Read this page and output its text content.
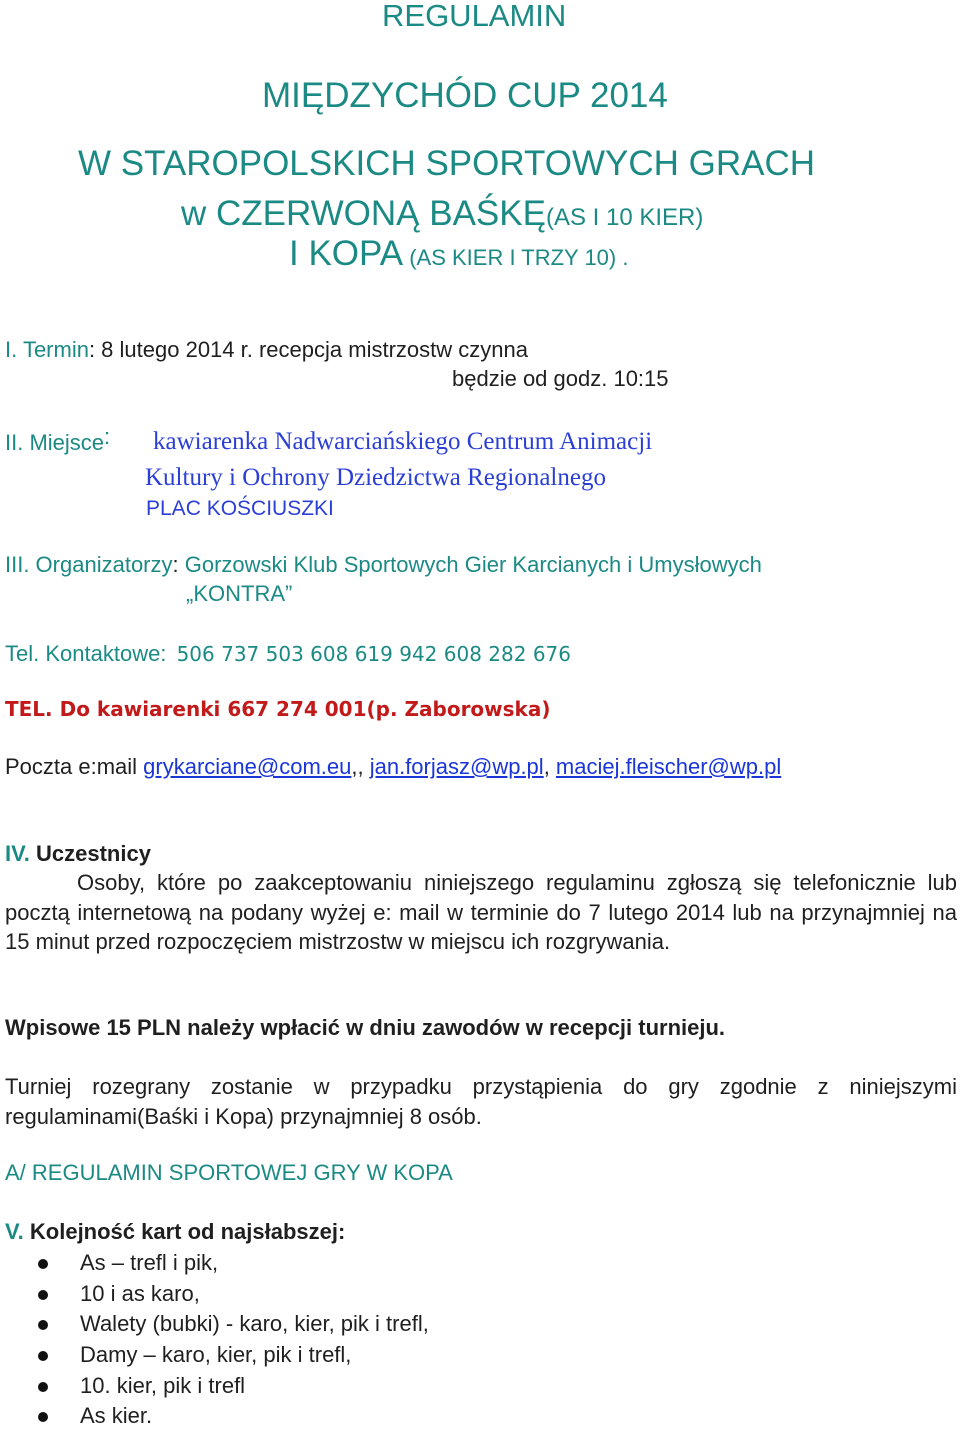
REGULAMIN
MIĘDZYCHÓD CUP 2014
W STAROPOLSKICH SPORTOWYCH GRACH
w CZERWONĄ BAŚKĘ(AS I 10 KIER)
I KOPA (AS KIER I TRZY 10) .
I. Termin: 8 lutego 2014 r. recepcja mistrzostw czynna
będzie od godz. 10:15
II. Miejsce: kawiarenka Nadwarciańskiego Centrum Animacji
Kultury i Ochrony Dziedzictwa Regionalnego
PLAC KOŚCIUSZKI
III. Organizatorzy: Gorzowski Klub Sportowych Gier Karcianych i Umysłowych
„KONTRA”
Tel. Kontaktowe: 506 737 503 608 619 942 608 282 676
TEL. Do kawiarenki 667 274 001(p. Zaborowska)
Poczta e:mail grykarciane@com.eu,, jan.forjasz@wp.pl, maciej.fleischer@wp.pl
IV. Uczestnicy
Osoby, które po zaakceptowaniu niniejszego regulaminu zgłoszą się telefonicznie lub pocztą internetową na podany wyżej e: mail w terminie do 7 lutego 2014 lub na przynajmniej na 15 minut przed rozpoczęciem mistrzostw w miejscu ich rozgrywania.
Wpisowe 15 PLN należy wpłacić w dniu zawodów w recepcji turnieju.
Turniej rozegrany zostanie w przypadku przystąpienia do gry zgodnie z niniejszymi regulaminami(Baśki i Kopa) przynajmniej 8 osób.
A/ REGULAMIN SPORTOWEJ GRY W KOPA
V. Kolejność kart od najsłabszej:
As – trefl i pik,
10 i as karo,
Walety (bubki) - karo, kier, pik i trefl,
Damy – karo, kier, pik i trefl,
10. kier, pik i trefl
As kier.
